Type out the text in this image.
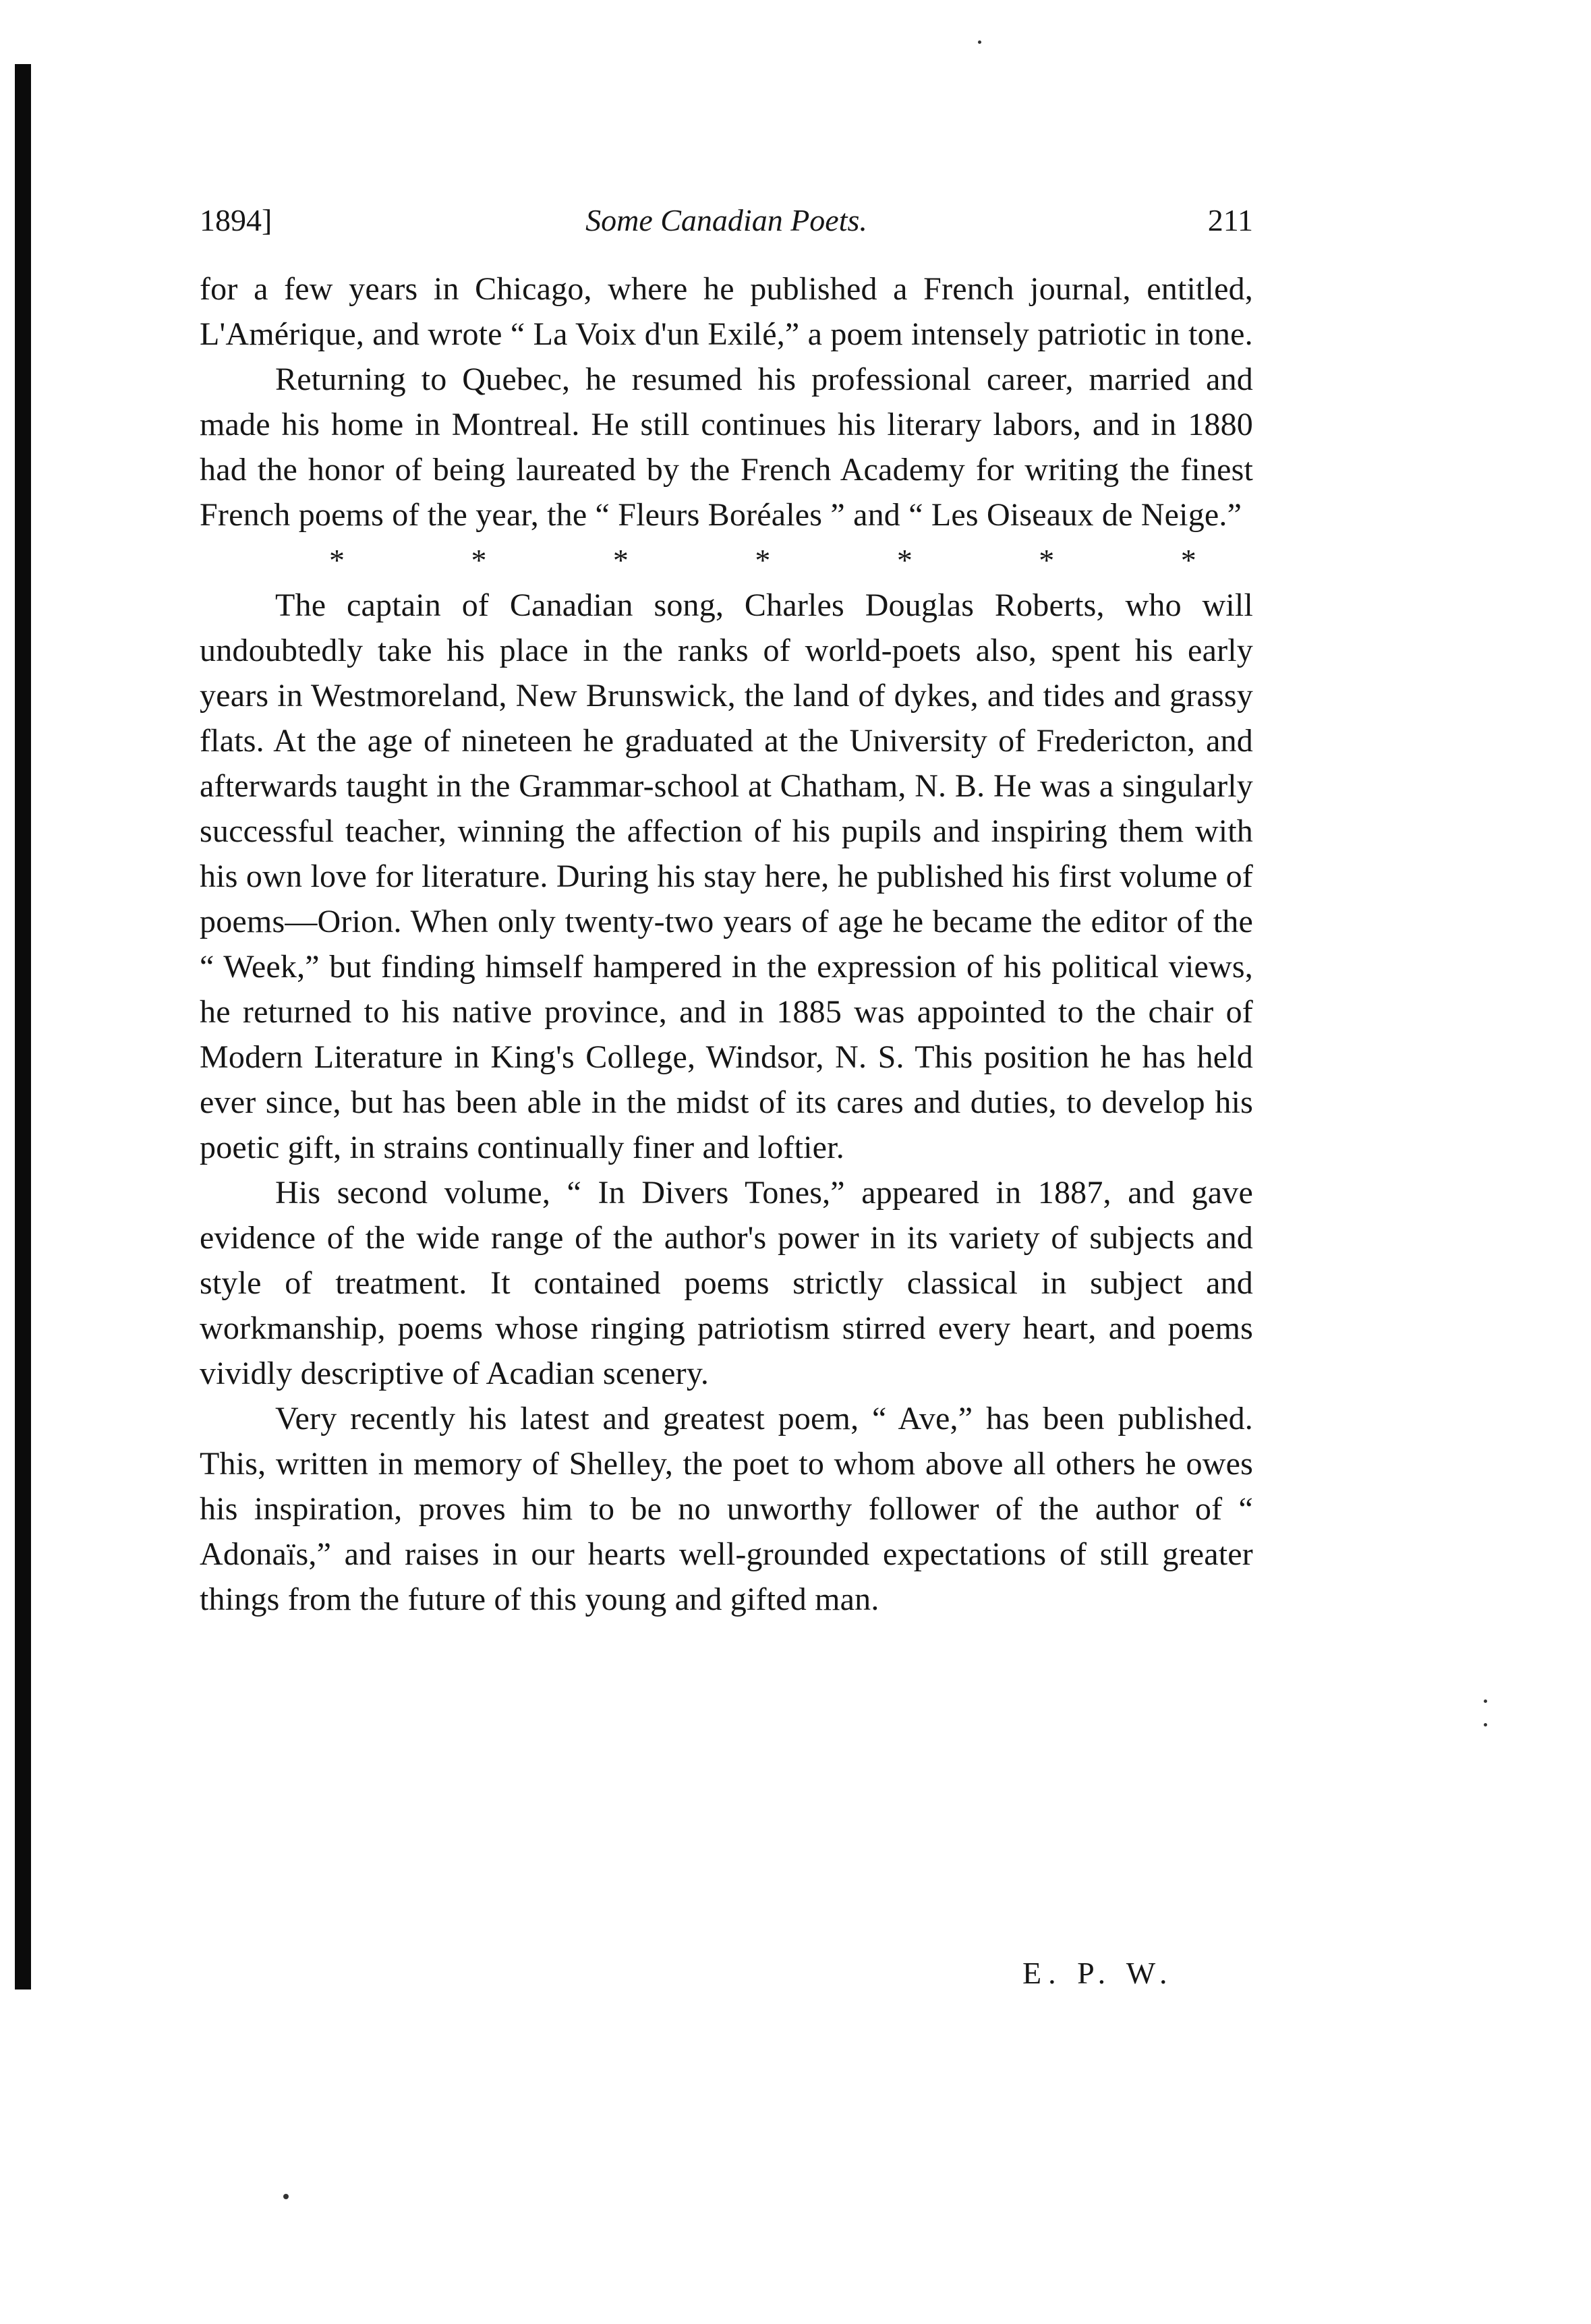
1894]	Some Canadian Poets.	211

for a few years in Chicago, where he published a French journal, entitled, L'Amérique, and wrote “ La Voix d'un Exilé,” a poem intensely patriotic in tone.

Returning to Quebec, he resumed his professional career, married and made his home in Montreal. He still continues his literary labors, and in 1880 had the honor of being laureated by the French Academy for writing the finest French poems of the year, the “ Fleurs Boréales ” and “ Les Oiseaux de Neige.”

*	*	*	*	*	*	*

The captain of Canadian song, Charles Douglas Roberts, who will undoubtedly take his place in the ranks of world-poets also, spent his early years in Westmoreland, New Brunswick, the land of dykes, and tides and grassy flats. At the age of nineteen he graduated at the University of Fredericton, and afterwards taught in the Grammar-school at Chatham, N. B. He was a singularly successful teacher, winning the affection of his pupils and inspiring them with his own love for literature. During his stay here, he published his first volume of poems—Orion. When only twenty-two years of age he became the editor of the “ Week,” but finding himself hampered in the expression of his political views, he returned to his native province, and in 1885 was appointed to the chair of Modern Literature in King's College, Windsor, N. S. This position he has held ever since, but has been able in the midst of its cares and duties, to develop his poetic gift, in strains continually finer and loftier.

His second volume, “ In Divers Tones,” appeared in 1887, and gave evidence of the wide range of the author's power in its variety of subjects and style of treatment. It contained poems strictly classical in subject and workmanship, poems whose ringing patriotism stirred every heart, and poems vividly descriptive of Acadian scenery.

Very recently his latest and greatest poem, “ Ave,” has been published. This, written in memory of Shelley, the poet to whom above all others he owes his inspiration, proves him to be no unworthy follower of the author of “ Adonaïs,” and raises in our hearts well-grounded expectations of still greater things from the future of this young and gifted man.

E. P. W.
